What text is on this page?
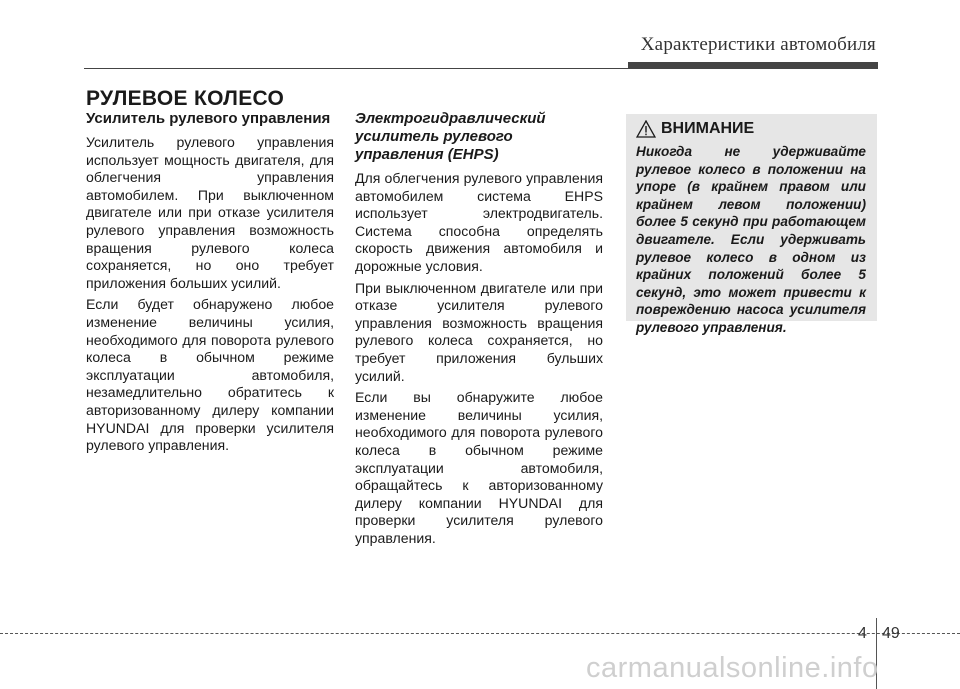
Характеристики автомобиля
РУЛЕВОЕ КОЛЕСО
Усилитель рулевого управления

Усилитель рулевого управления использует мощность двигателя, для облегчения управления автомобилем. При выключенном двигателе или при отказе усилителя рулевого управления возможность вращения рулевого колеса сохраняется, но оно требует приложения больших усилий.

Если будет обнаружено любое изменение величины усилия, необходимого для поворота рулевого колеса в обычном режиме эксплуатации автомобиля, незамедлительно обратитесь к авторизованному дилеру компании HYUNDAI для проверки усилителя рулевого управления.

Электрогидравлический усилитель рулевого управления (EHPS)

Для облегчения рулевого управления автомобилем система EHPS использует электродвигатель. Система способна определять скорость движения автомобиля и дорожные условия.

При выключенном двигателе или при отказе усилителя рулевого управления возможность вращения рулевого колеса сохраняется, но требует приложения бульших усилий.

Если вы обнаружите любое изменение величины усилия, необходимого для поворота рулевого колеса в обычном режиме эксплуатации автомобиля, обращайтесь к авторизованному дилеру компании HYUNDAI для проверки усилителя рулевого управления.

ВНИМАНИЕ

Никогда не удерживайте рулевое колесо в положении на упоре (в крайнем правом или крайнем левом положении) более 5 секунд при работающем двигателе. Если удерживать рулевое колесо в одном из крайних положений более 5 секунд, это может привести к повреждению насоса усилителя рулевого управления.

4 49
carmanualsonline.info
